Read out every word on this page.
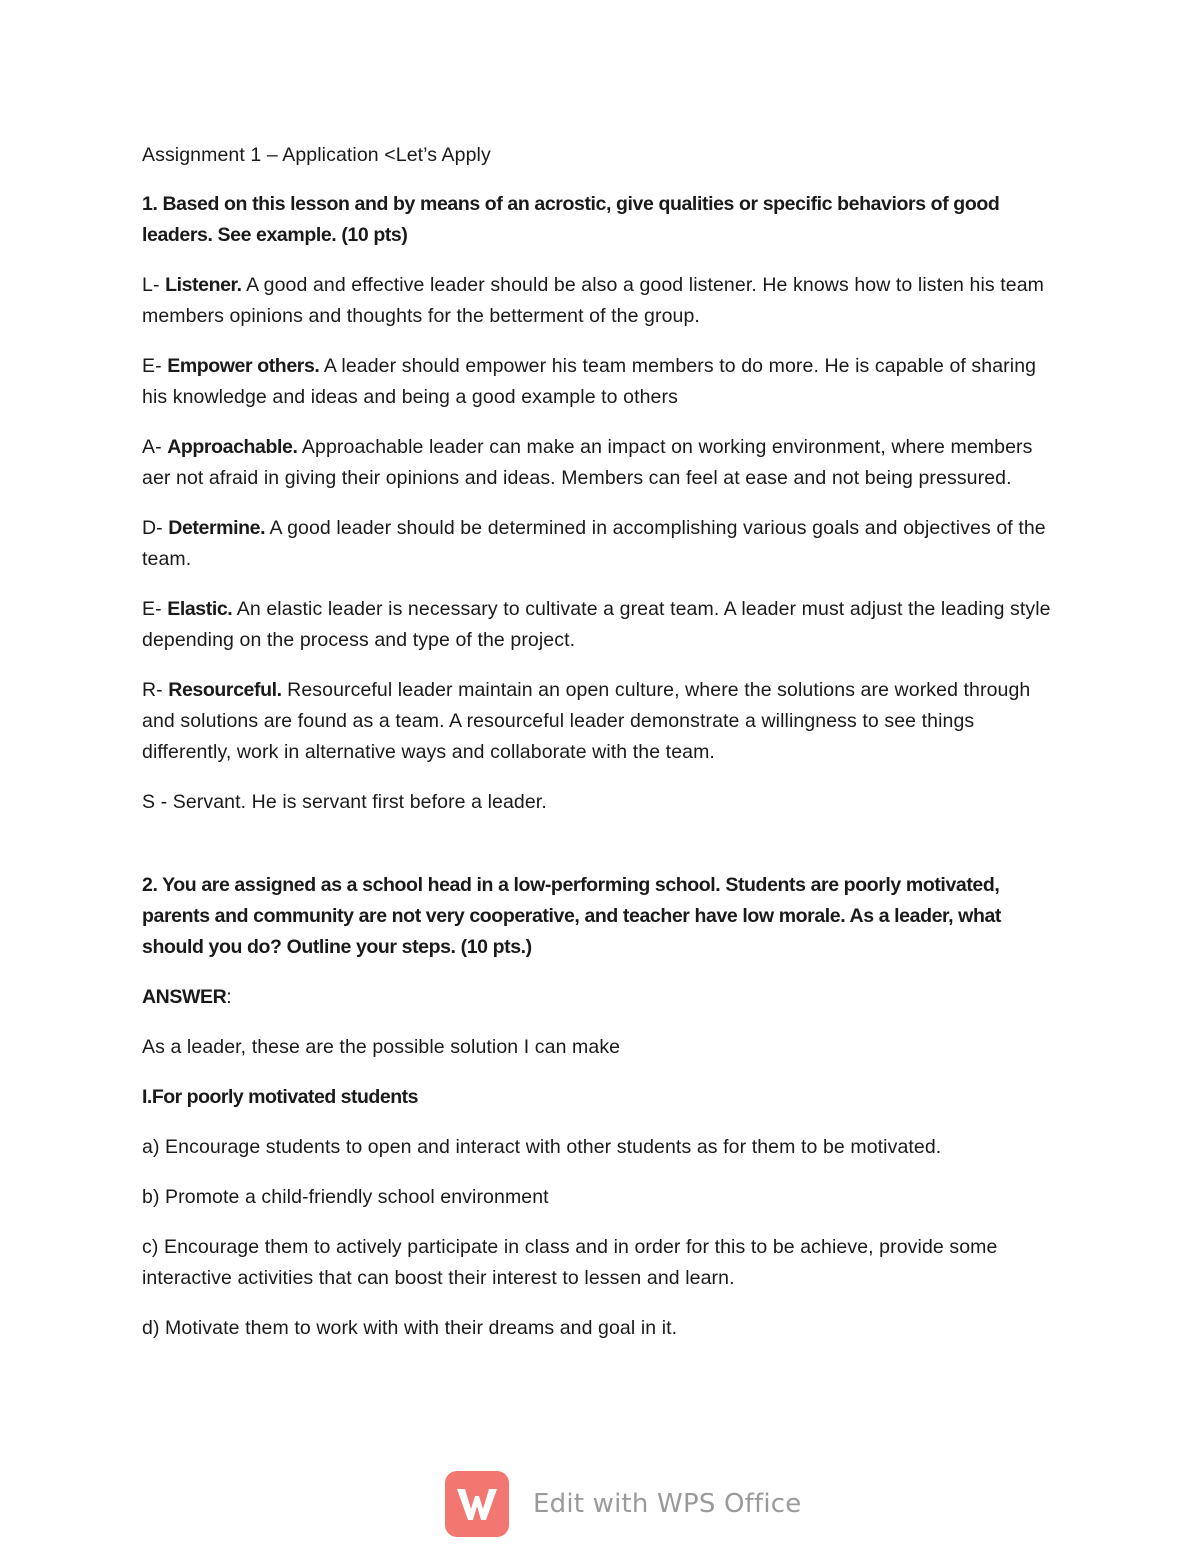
Assignment 1 – Application <Let’s Apply

1. Based on this lesson and by means of an acrostic, give qualities or specific behaviors of good leaders. See example. (10 pts)

L- Listener. A good and effective leader should be also a good listener. He knows how to listen his team members opinions and thoughts for the betterment of the group.

E- Empower others. A leader should empower his team members to do more. He is capable of sharing his knowledge and ideas and being a good example to others

A- Approachable. Approachable leader can make an impact on working environment, where members aer not afraid in giving their opinions and ideas. Members can feel at ease and not being pressured.

D- Determine. A good leader should be determined in accomplishing various goals and objectives of the team.

E- Elastic. An elastic leader is necessary to cultivate a great team. A leader must adjust the leading style depending on the process and type of the project.

R- Resourceful. Resourceful leader maintain an open culture, where the solutions are worked through and solutions are found as a team. A resourceful leader demonstrate a willingness to see things differently, work in alternative ways and collaborate with the team.

S - Servant. He is servant first before a leader.

2. You are assigned as a school head in a low-performing school. Students are poorly motivated, parents and community are not very cooperative, and teacher have low morale. As a leader, what should you do? Outline your steps. (10 pts.)

ANSWER:

As a leader, these are the possible solution I can make

I.For poorly motivated students

a) Encourage students to open and interact with other students as for them to be motivated.

b) Promote a child-friendly school environment

c) Encourage them to actively participate in class and in order for this to be achieve, provide some interactive activities that can boost their interest to lessen and learn.

d) Motivate them to work with with their dreams and goal in it.

Edit with WPS Office
